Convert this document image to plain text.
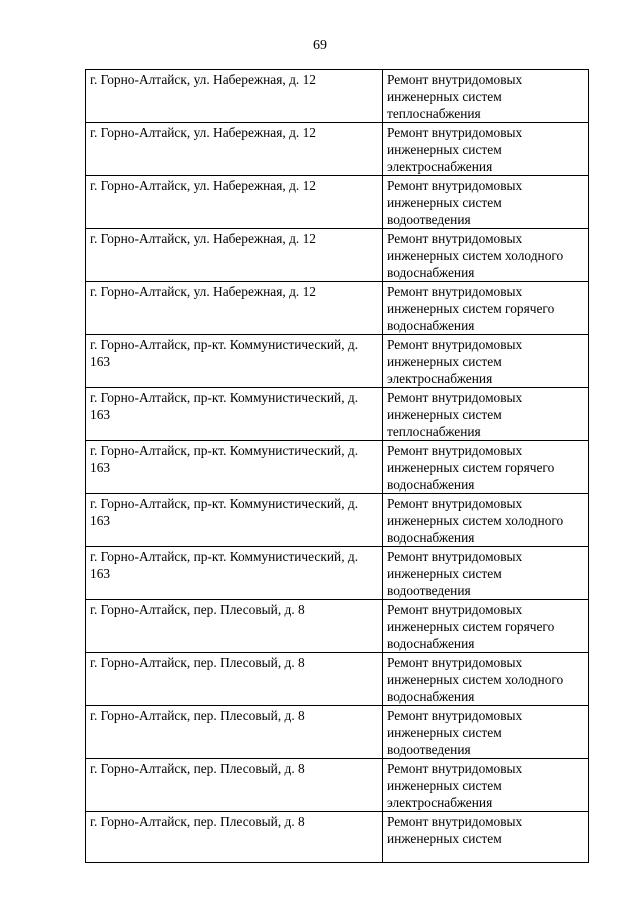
69
г. Горно-Алтайск, ул. Набережная, д. 12	Ремонт внутридомовых инженерных систем теплоснабжения
г. Горно-Алтайск, ул. Набережная, д. 12	Ремонт внутридомовых инженерных систем электроснабжения
г. Горно-Алтайск, ул. Набережная, д. 12	Ремонт внутридомовых инженерных систем водоотведения
г. Горно-Алтайск, ул. Набережная, д. 12	Ремонт внутридомовых инженерных систем холодного водоснабжения
г. Горно-Алтайск, ул. Набережная, д. 12	Ремонт внутридомовых инженерных систем горячего водоснабжения
г. Горно-Алтайск, пр-кт. Коммунистический, д. 163	Ремонт внутридомовых инженерных систем электроснабжения
г. Горно-Алтайск, пр-кт. Коммунистический, д. 163	Ремонт внутридомовых инженерных систем теплоснабжения
г. Горно-Алтайск, пр-кт. Коммунистический, д. 163	Ремонт внутридомовых инженерных систем горячего водоснабжения
г. Горно-Алтайск, пр-кт. Коммунистический, д. 163	Ремонт внутридомовых инженерных систем холодного водоснабжения
г. Горно-Алтайск, пр-кт. Коммунистический, д. 163	Ремонт внутридомовых инженерных систем водоотведения
г. Горно-Алтайск, пер. Плесовый, д. 8	Ремонт внутридомовых инженерных систем горячего водоснабжения
г. Горно-Алтайск, пер. Плесовый, д. 8	Ремонт внутридомовых инженерных систем холодного водоснабжения
г. Горно-Алтайск, пер. Плесовый, д. 8	Ремонт внутридомовых инженерных систем водоотведения
г. Горно-Алтайск, пер. Плесовый, д. 8	Ремонт внутридомовых инженерных систем электроснабжения
г. Горно-Алтайск, пер. Плесовый, д. 8	Ремонт внутридомовых инженерных систем
